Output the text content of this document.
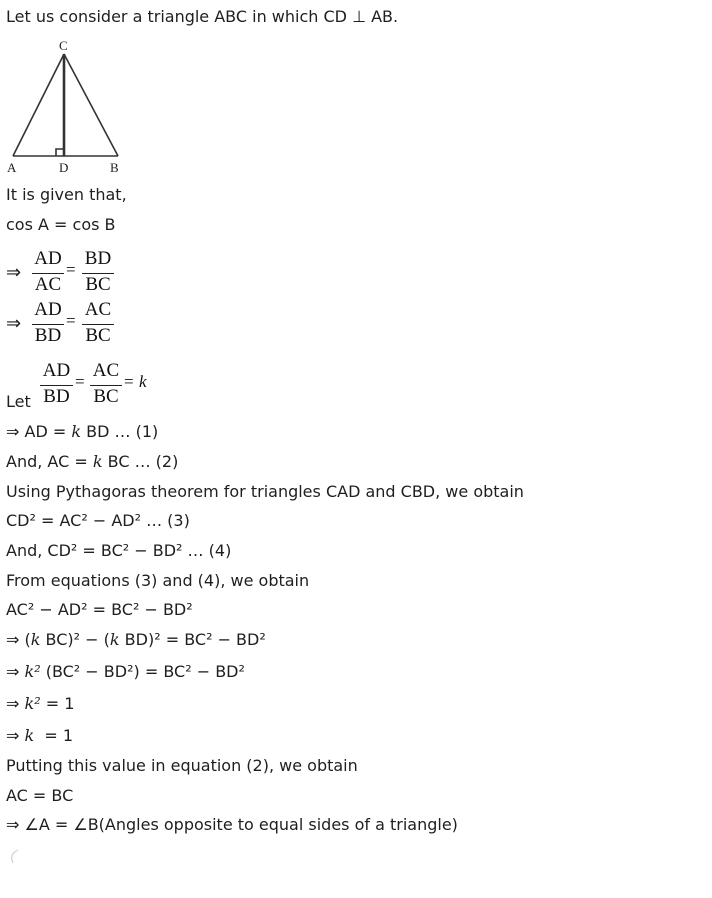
Let us consider a triangle ABC in which CD ⊥ AB.
C
A	D	B
It is given that,
cos A = cos B
⇒
AD
AC
=
BD
BC
⇒
AD
BD
=
AC
BC
Let
AD
BD
=
AC
BC
= k
⇒ AD = k BD … (1)
And, AC = k BC … (2)
Using Pythagoras theorem for triangles CAD and CBD, we obtain
CD² = AC² − AD² … (3)
And, CD² = BC² − BD² … (4)
From equations (3) and (4), we obtain
AC² − AD² = BC² − BD²
⇒ (k BC)² − (k BD)² = BC² − BD²
⇒ k² (BC² − BD²) = BC² − BD²
⇒ k² = 1
⇒ k  = 1
Putting this value in equation (2), we obtain
AC = BC
⇒ ∠A = ∠B(Angles opposite to equal sides of a triangle)
